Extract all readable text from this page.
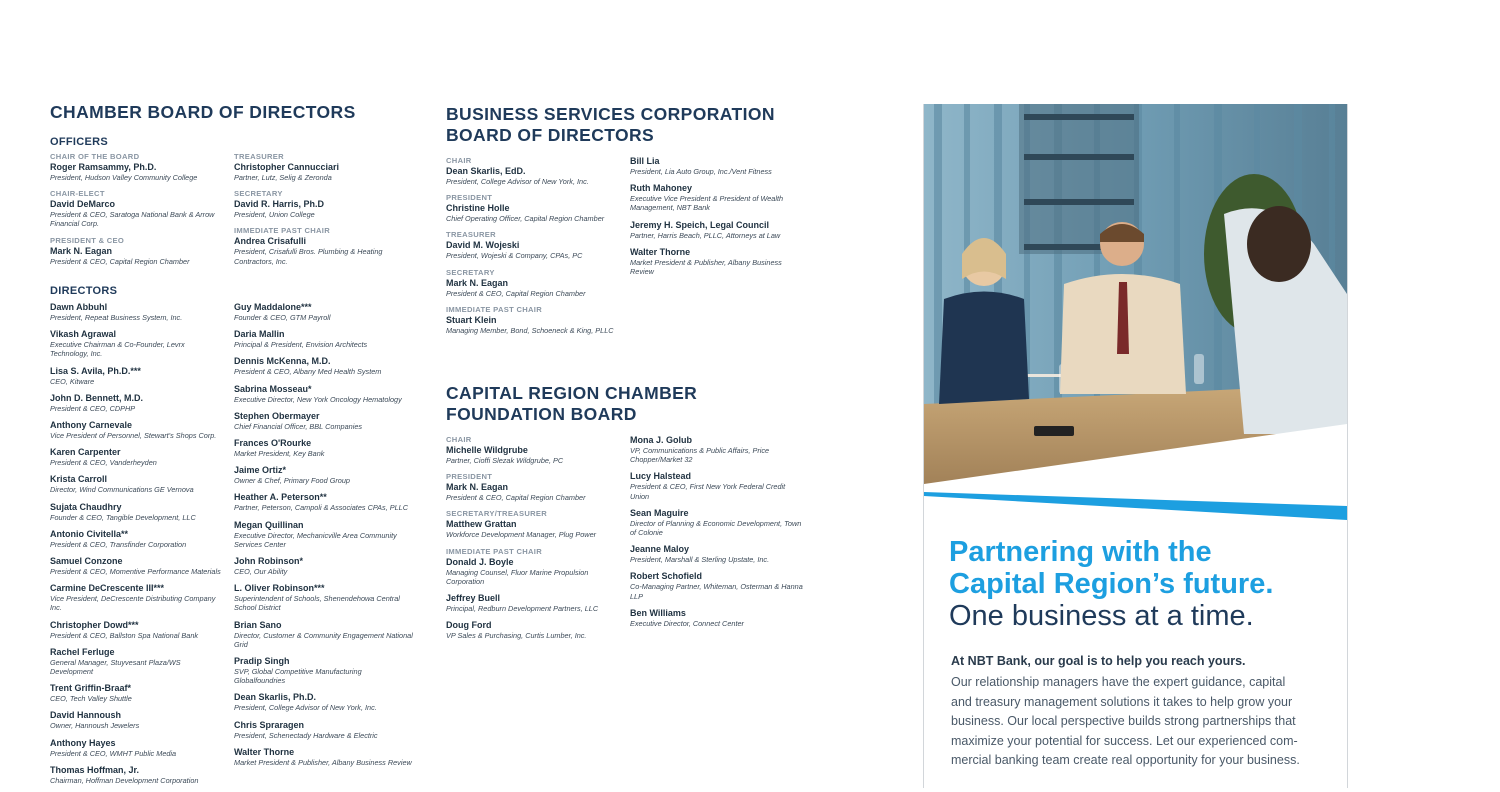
CHAMBER BOARD OF DIRECTORS
OFFICERS
CHAIR OF THE BOARD
Roger Ramsammy, Ph.D.
President, Hudson Valley Community College
CHAIR-ELECT
David DeMarco
President & CEO, Saratoga National Bank & Arrow Financial Corp.
PRESIDENT & CEO
Mark N. Eagan
President & CEO, Capital Region Chamber
TREASURER
Christopher Cannucciari
Partner, Lutz, Selig & Zeronda
SECRETARY
David R. Harris, Ph.D
President, Union College
IMMEDIATE PAST CHAIR
Andrea Crisafulli
President, Crisafulli Bros. Plumbing & Heating Contractors, Inc.
DIRECTORS
Dawn Abbuhl
President, Repeat Business System, Inc.
Vikash Agrawal
Executive Chairman & Co-Founder, Levrx Technology, Inc.
Lisa S. Avila, Ph.D.***
CEO, Kitware
John D. Bennett, M.D.
President & CEO, CDPHP
Anthony Carnevale
Vice President of Personnel, Stewart's Shops Corp.
Karen Carpenter
President & CEO, Vanderheyden
Krista Carroll
Director, Wind Communications GE Vernova
Sujata Chaudhry
Founder & CEO, Tangible Development, LLC
Antonio Civitella**
President & CEO, Transfinder Corporation
Samuel Conzone
President & CEO, Momentive Performance Materials
Carmine DeCrescente III***
Vice President, DeCrescente Distributing Company Inc.
Christopher Dowd***
President & CEO, Ballston Spa National Bank
Rachel Ferluge
General Manager, Stuyvesant Plaza/WS Development
Trent Griffin-Braaf*
CEO, Tech Valley Shuttle
David Hannoush
Owner, Hannoush Jewelers
Anthony Hayes
President & CEO, WMHT Public Media
Thomas Hoffman, Jr.
Chairman, Hoffman Development Corporation
Guy Maddalone***
Founder & CEO, GTM Payroll
Daria Mallin
Principal & President, Envision Architects
Dennis McKenna, M.D.
President & CEO, Albany Med Health System
Sabrina Mosseau*
Executive Director, New York Oncology Hematology
Stephen Obermayer
Chief Financial Officer, BBL Companies
Frances O'Rourke
Market President, Key Bank
Jaime Ortiz*
Owner & Chef, Primary Food Group
Heather A. Peterson**
Partner, Peterson, Campoli & Associates CPAs, PLLC
Megan Quillinan
Executive Director, Mechanicville Area Community Services Center
John Robinson*
CEO, Our Ability
L. Oliver Robinson***
Superintendent of Schools, Shenendehowa Central School District
Brian Sano
Director, Customer & Community Engagement National Grid
Pradip Singh
SVP, Global Competitive Manufacturing Globalfoundries
Dean Skarlis, Ph.D.
President, College Advisor of New York, Inc.
Chris Spraragen
President, Schenectady Hardware & Electric
Walter Thorne
Market President & Publisher, Albany Business Review
BUSINESS SERVICES CORPORATION
BOARD OF DIRECTORS
CHAIR
Dean Skarlis, EdD.
President, College Advisor of New York, Inc.
PRESIDENT
Christine Holle
Chief Operating Officer, Capital Region Chamber
TREASURER
David M. Wojeski
President, Wojeski & Company, CPAs, PC
SECRETARY
Mark N. Eagan
President & CEO, Capital Region Chamber
IMMEDIATE PAST CHAIR
Stuart Klein
Managing Member, Bond, Schoeneck & King, PLLC
Bill Lia
President, Lia Auto Group, Inc./Vent Fitness
Ruth Mahoney
Executive Vice President & President of Wealth Management, NBT Bank
Jeremy H. Speich, Legal Council
Partner, Harris Beach, PLLC, Attorneys at Law
Walter Thorne
Market President & Publisher, Albany Business Review
CAPITAL REGION CHAMBER
FOUNDATION BOARD
CHAIR
Michelle Wildgrube
Partner, Cioffi Slezak Wildgrube, PC
PRESIDENT
Mark N. Eagan
President & CEO, Capital Region Chamber
SECRETARY/TREASURER
Matthew Grattan
Workforce Development Manager, Plug Power
IMMEDIATE PAST CHAIR
Donald J. Boyle
Managing Counsel, Fluor Marine Propulsion Corporation
Jeffrey Buell
Principal, Redburn Development Partners, LLC
Doug Ford
VP Sales & Purchasing, Curtis Lumber, Inc.
Mona J. Golub
VP, Communications & Public Affairs, Price Chopper/Market 32
Lucy Halstead
President & CEO, First New York Federal Credit Union
Sean Maguire
Director of Planning & Economic Development, Town of Colonie
Jeanne Maloy
President, Marshall & Sterling Upstate, Inc.
Robert Schofield
Co-Managing Partner, Whiteman, Osterman & Hanna LLP
Ben Williams
Executive Director, Connect Center
Partnering with the
Capital Region’s future.
One business at a time.
At NBT Bank, our goal is to help you reach yours.
Our relationship managers have the expert guidance, capital
and treasury management solutions it takes to help grow your
business. Our local perspective builds strong partnerships that
maximize your potential for success. Let our experienced com-
mercial banking team create real opportunity for your business.
